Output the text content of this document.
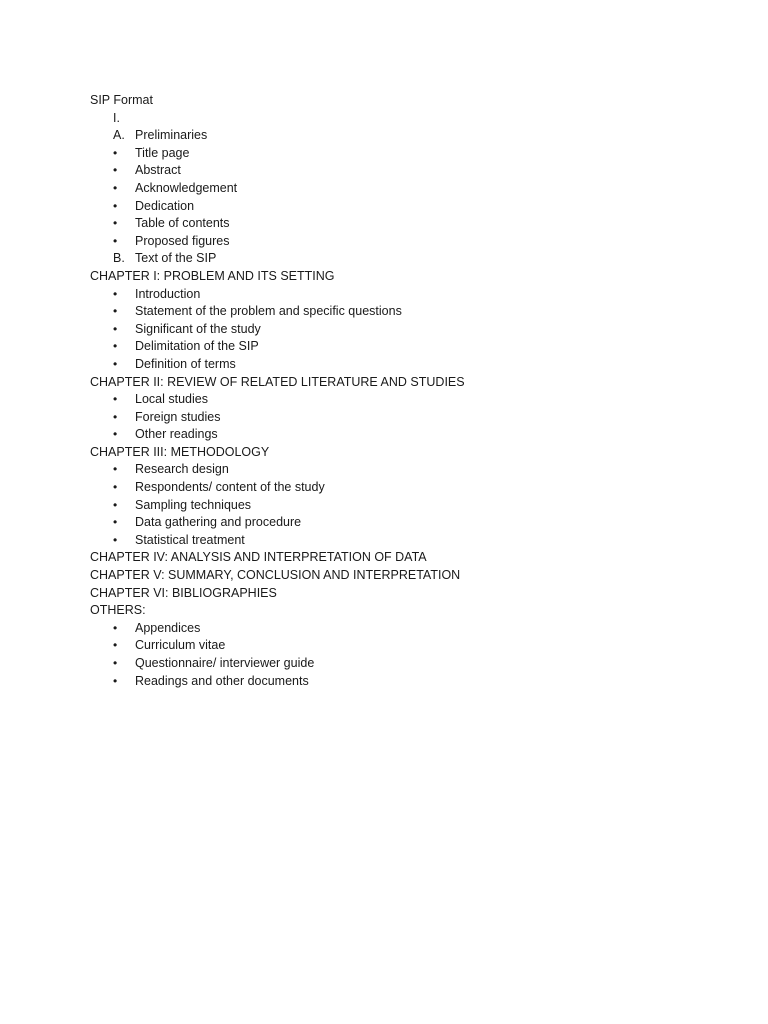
SIP Format
I.
A. Preliminaries
• Title page
• Abstract
• Acknowledgement
• Dedication
• Table of contents
• Proposed figures
B. Text of the SIP
CHAPTER I: PROBLEM AND ITS SETTING
• Introduction
• Statement of the problem and specific questions
• Significant of the study
• Delimitation of the SIP
• Definition of terms
CHAPTER II: REVIEW OF RELATED LITERATURE AND STUDIES
• Local studies
• Foreign studies
• Other readings
CHAPTER III: METHODOLOGY
• Research design
• Respondents/ content of the study
• Sampling techniques
• Data gathering and procedure
• Statistical treatment
CHAPTER IV: ANALYSIS AND INTERPRETATION OF DATA
CHAPTER V: SUMMARY, CONCLUSION AND INTERPRETATION
CHAPTER VI: BIBLIOGRAPHIES
OTHERS:
• Appendices
• Curriculum vitae
• Questionnaire/ interviewer guide
• Readings and other documents
